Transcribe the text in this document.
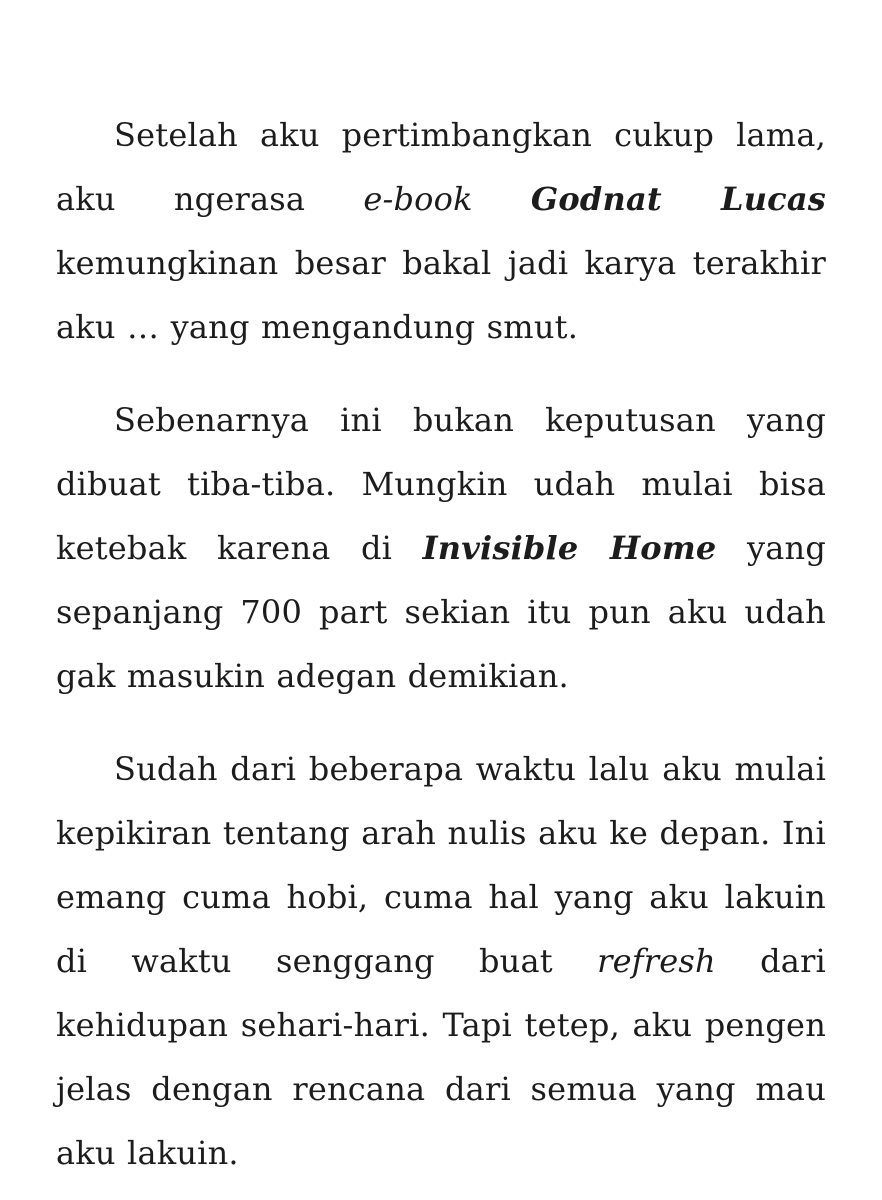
Setelah aku pertimbangkan cukup lama, aku ngerasa e-book Godnat Lucas kemungkinan besar bakal jadi karya terakhir aku … yang mengandung smut.

Sebenarnya ini bukan keputusan yang dibuat tiba-tiba. Mungkin udah mulai bisa ketebak karena di Invisible Home yang sepanjang 700 part sekian itu pun aku udah gak masukin adegan demikian.

Sudah dari beberapa waktu lalu aku mulai kepikiran tentang arah nulis aku ke depan. Ini emang cuma hobi, cuma hal yang aku lakuin di waktu senggang buat refresh dari kehidupan sehari-hari. Tapi tetep, aku pengen jelas dengan rencana dari semua yang mau aku lakuin.
